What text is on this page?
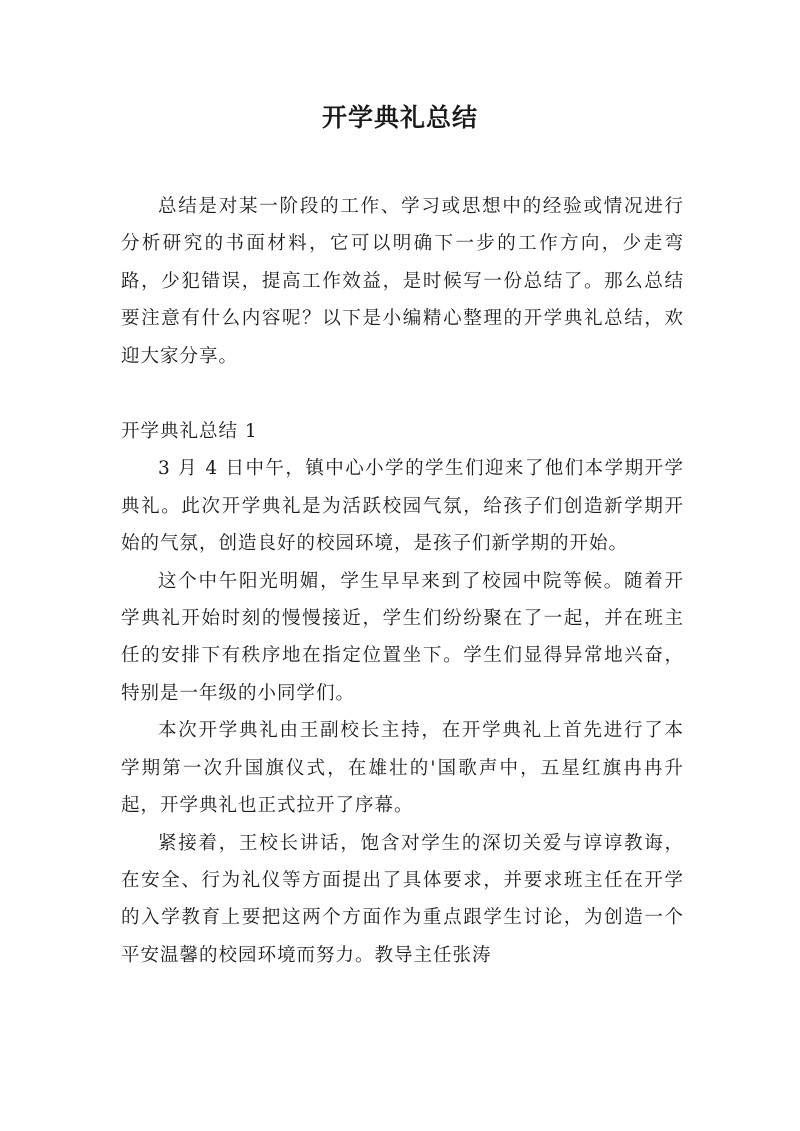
开学典礼总结

总结是对某一阶段的工作、学习或思想中的经验或情况进行分析研究的书面材料，它可以明确下一步的工作方向，少走弯路，少犯错误，提高工作效益，是时候写一份总结了。那么总结要注意有什么内容呢？以下是小编精心整理的开学典礼总结，欢迎大家分享。

开学典礼总结 1

3 月 4 日中午，镇中心小学的学生们迎来了他们本学期开学典礼。此次开学典礼是为活跃校园气氛，给孩子们创造新学期开始的气氛，创造良好的校园环境，是孩子们新学期的开始。

这个中午阳光明媚，学生早早来到了校园中院等候。随着开学典礼开始时刻的慢慢接近，学生们纷纷聚在了一起，并在班主任的安排下有秩序地在指定位置坐下。学生们显得异常地兴奋，特别是一年级的小同学们。

本次开学典礼由王副校长主持，在开学典礼上首先进行了本学期第一次升国旗仪式，在雄壮的'国歌声中，五星红旗冉冉升起，开学典礼也正式拉开了序幕。

紧接着，王校长讲话，饱含对学生的深切关爱与谆谆教诲，在安全、行为礼仪等方面提出了具体要求，并要求班主任在开学的入学教育上要把这两个方面作为重点跟学生讨论，为创造一个平安温馨的校园环境而努力。教导主任张涛
